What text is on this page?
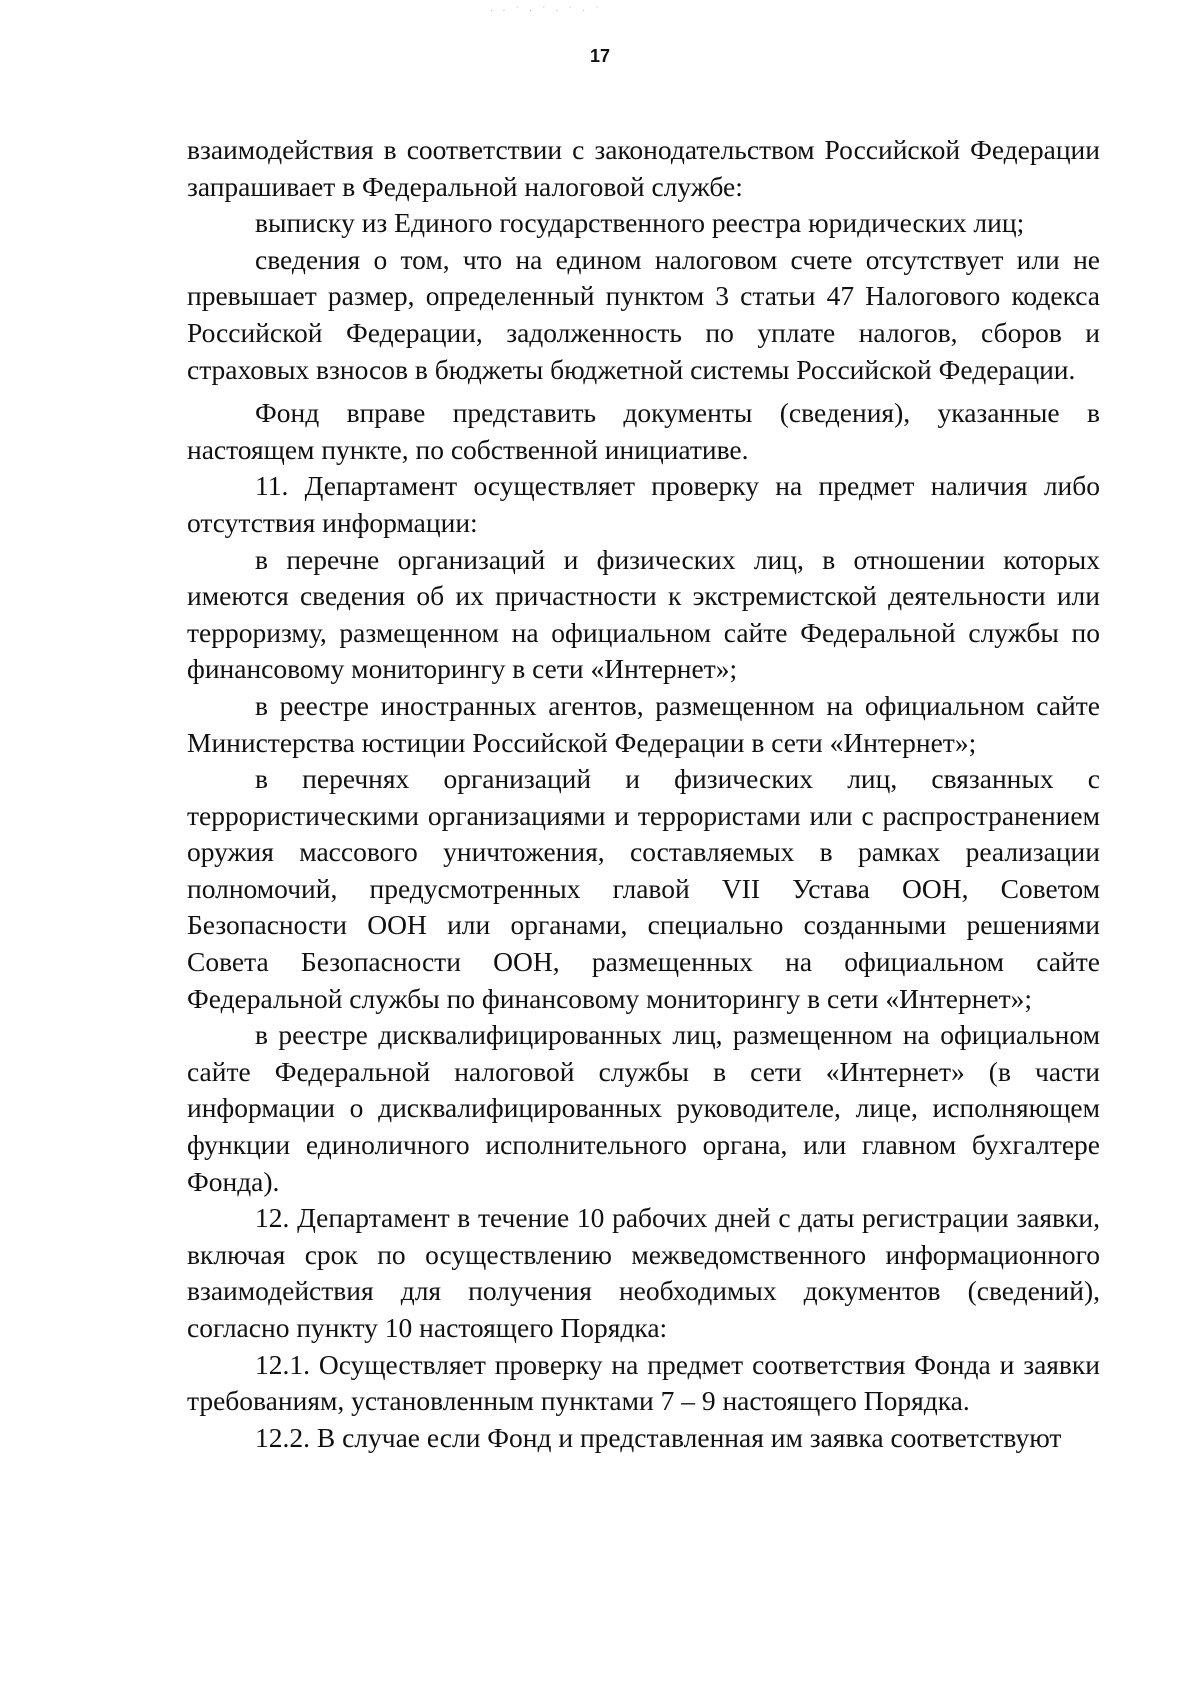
· · ˙ · ˙ · ˙ · ˙
17

взаимодействия в соответствии с законодательством Российской Федерации запрашивает в Федеральной налоговой службе:

выписку из Единого государственного реестра юридических лиц;

сведения о том, что на едином налоговом счете отсутствует или не превышает размер, определенный пунктом 3 статьи 47 Налогового кодекса Российской Федерации, задолженность по уплате налогов, сборов и страховых взносов в бюджеты бюджетной системы Российской Федерации.

Фонд вправе представить документы (сведения), указанные в настоящем пункте, по собственной инициативе.

11. Департамент осуществляет проверку на предмет наличия либо отсутствия информации:

в перечне организаций и физических лиц, в отношении которых имеются сведения об их причастности к экстремистской деятельности или терроризму, размещенном на официальном сайте Федеральной службы по финансовому мониторингу в сети «Интернет»;

в реестре иностранных агентов, размещенном на официальном сайте Министерства юстиции Российской Федерации в сети «Интернет»;

в перечнях организаций и физических лиц, связанных с террористическими организациями и террористами или с распространением оружия массового уничтожения, составляемых в рамках реализации полномочий, предусмотренных главой VII Устава ООН, Советом Безопасности ООН или органами, специально созданными решениями Совета Безопасности ООН, размещенных на официальном сайте Федеральной службы по финансовому мониторингу в сети «Интернет»;

в реестре дисквалифицированных лиц, размещенном на официальном сайте Федеральной налоговой службы в сети «Интернет» (в части информации о дисквалифицированных руководителе, лице, исполняющем функции единоличного исполнительного органа, или главном бухгалтере Фонда).

12. Департамент в течение 10 рабочих дней с даты регистрации заявки, включая срок по осуществлению межведомственного информационного взаимодействия для получения необходимых документов (сведений), согласно пункту 10 настоящего Порядка:

12.1. Осуществляет проверку на предмет соответствия Фонда и заявки требованиям, установленным пунктами 7 – 9 настоящего Порядка.

12.2. В случае если Фонд и представленная им заявка соответствуют
